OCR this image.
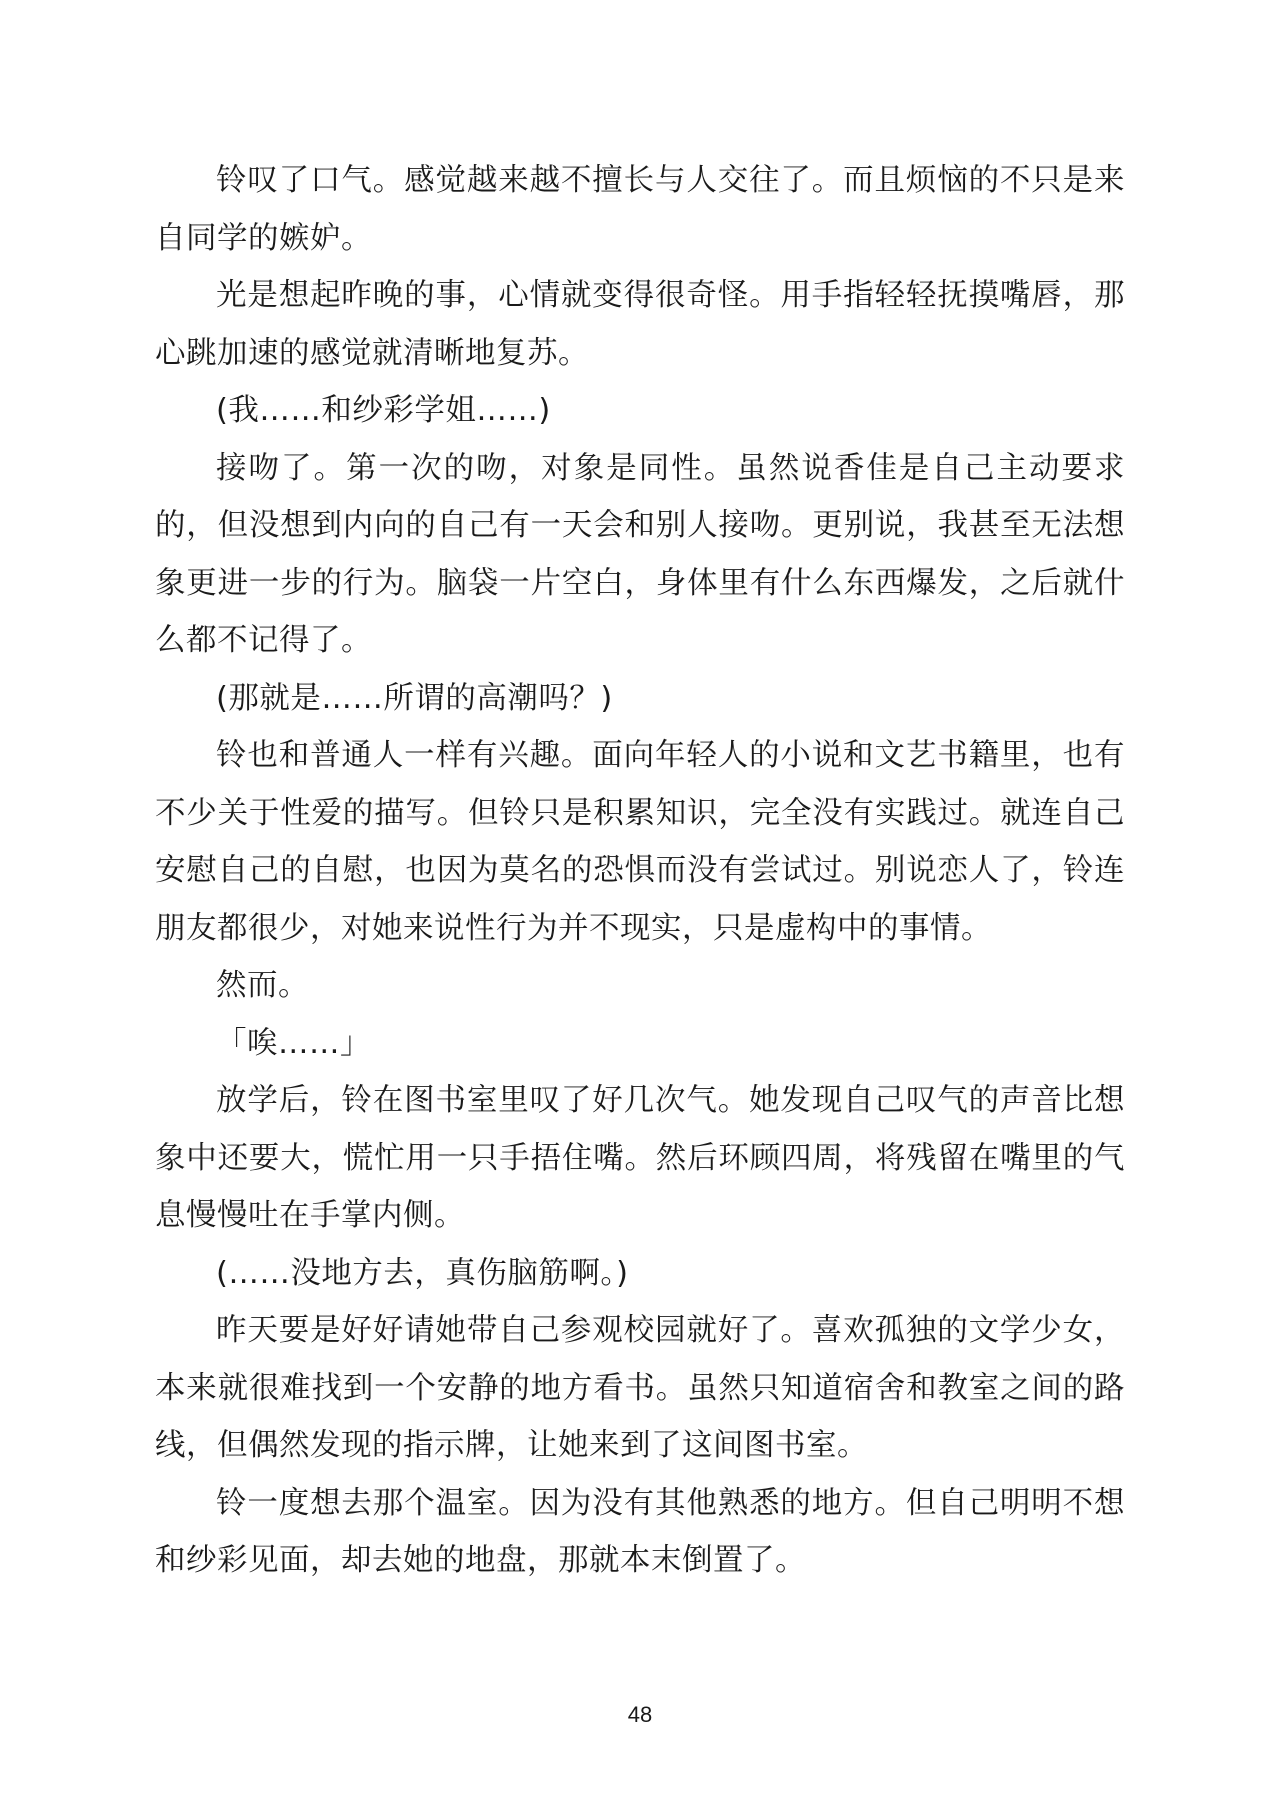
铃叹了口气。感觉越来越不擅长与人交往了。而且烦恼的不只是来自同学的嫉妒。

光是想起昨晚的事，心情就变得很奇怪。用手指轻轻抚摸嘴唇，那心跳加速的感觉就清晰地复苏。

(我……和纱彩学姐……)

接吻了。第一次的吻，对象是同性。虽然说香佳是自己主动要求的，但没想到内向的自己有一天会和别人接吻。更别说，我甚至无法想象更进一步的行为。脑袋一片空白，身体里有什么东西爆发，之后就什么都不记得了。

(那就是……所谓的高潮吗？)

铃也和普通人一样有兴趣。面向年轻人的小说和文艺书籍里，也有不少关于性爱的描写。但铃只是积累知识，完全没有实践过。就连自己安慰自己的自慰，也因为莫名的恐惧而没有尝试过。别说恋人了，铃连朋友都很少，对她来说性行为并不现实，只是虚构中的事情。

然而。

「唉……」

放学后，铃在图书室里叹了好几次气。她发现自己叹气的声音比想象中还要大，慌忙用一只手捂住嘴。然后环顾四周，将残留在嘴里的气息慢慢吐在手掌内侧。

(……没地方去，真伤脑筋啊。)

昨天要是好好请她带自己参观校园就好了。喜欢孤独的文学少女，本来就很难找到一个安静的地方看书。虽然只知道宿舍和教室之间的路线，但偶然发现的指示牌，让她来到了这间图书室。

铃一度想去那个温室。因为没有其他熟悉的地方。但自己明明不想和纱彩见面，却去她的地盘，那就本末倒置了。

48
